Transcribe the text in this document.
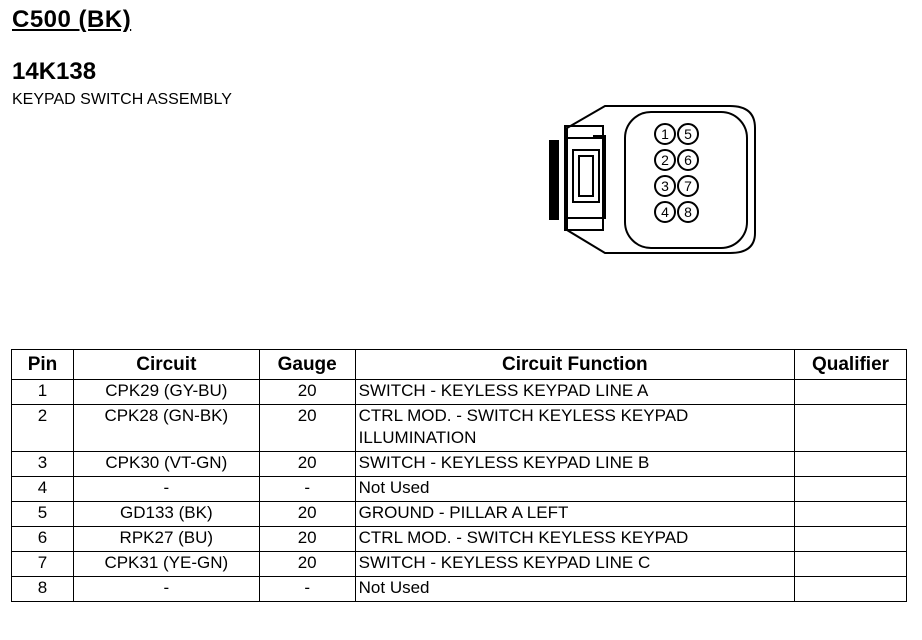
C500 (BK)
14K138
KEYPAD SWITCH ASSEMBLY
1
2
3
4
5
6
7
8
Pin	Circuit	Gauge	Circuit Function	Qualifier
1	CPK29 (GY-BU)	20	SWITCH - KEYLESS KEYPAD LINE A	
2	CPK28 (GN-BK)	20	CTRL MOD. - SWITCH KEYLESS KEYPAD ILLUMINATION	
3	CPK30 (VT-GN)	20	SWITCH - KEYLESS KEYPAD LINE B	
4	-	-	Not Used	
5	GD133 (BK)	20	GROUND - PILLAR A LEFT	
6	RPK27 (BU)	20	CTRL MOD. - SWITCH KEYLESS KEYPAD	
7	CPK31 (YE-GN)	20	SWITCH - KEYLESS KEYPAD LINE C	
8	-	-	Not Used	
